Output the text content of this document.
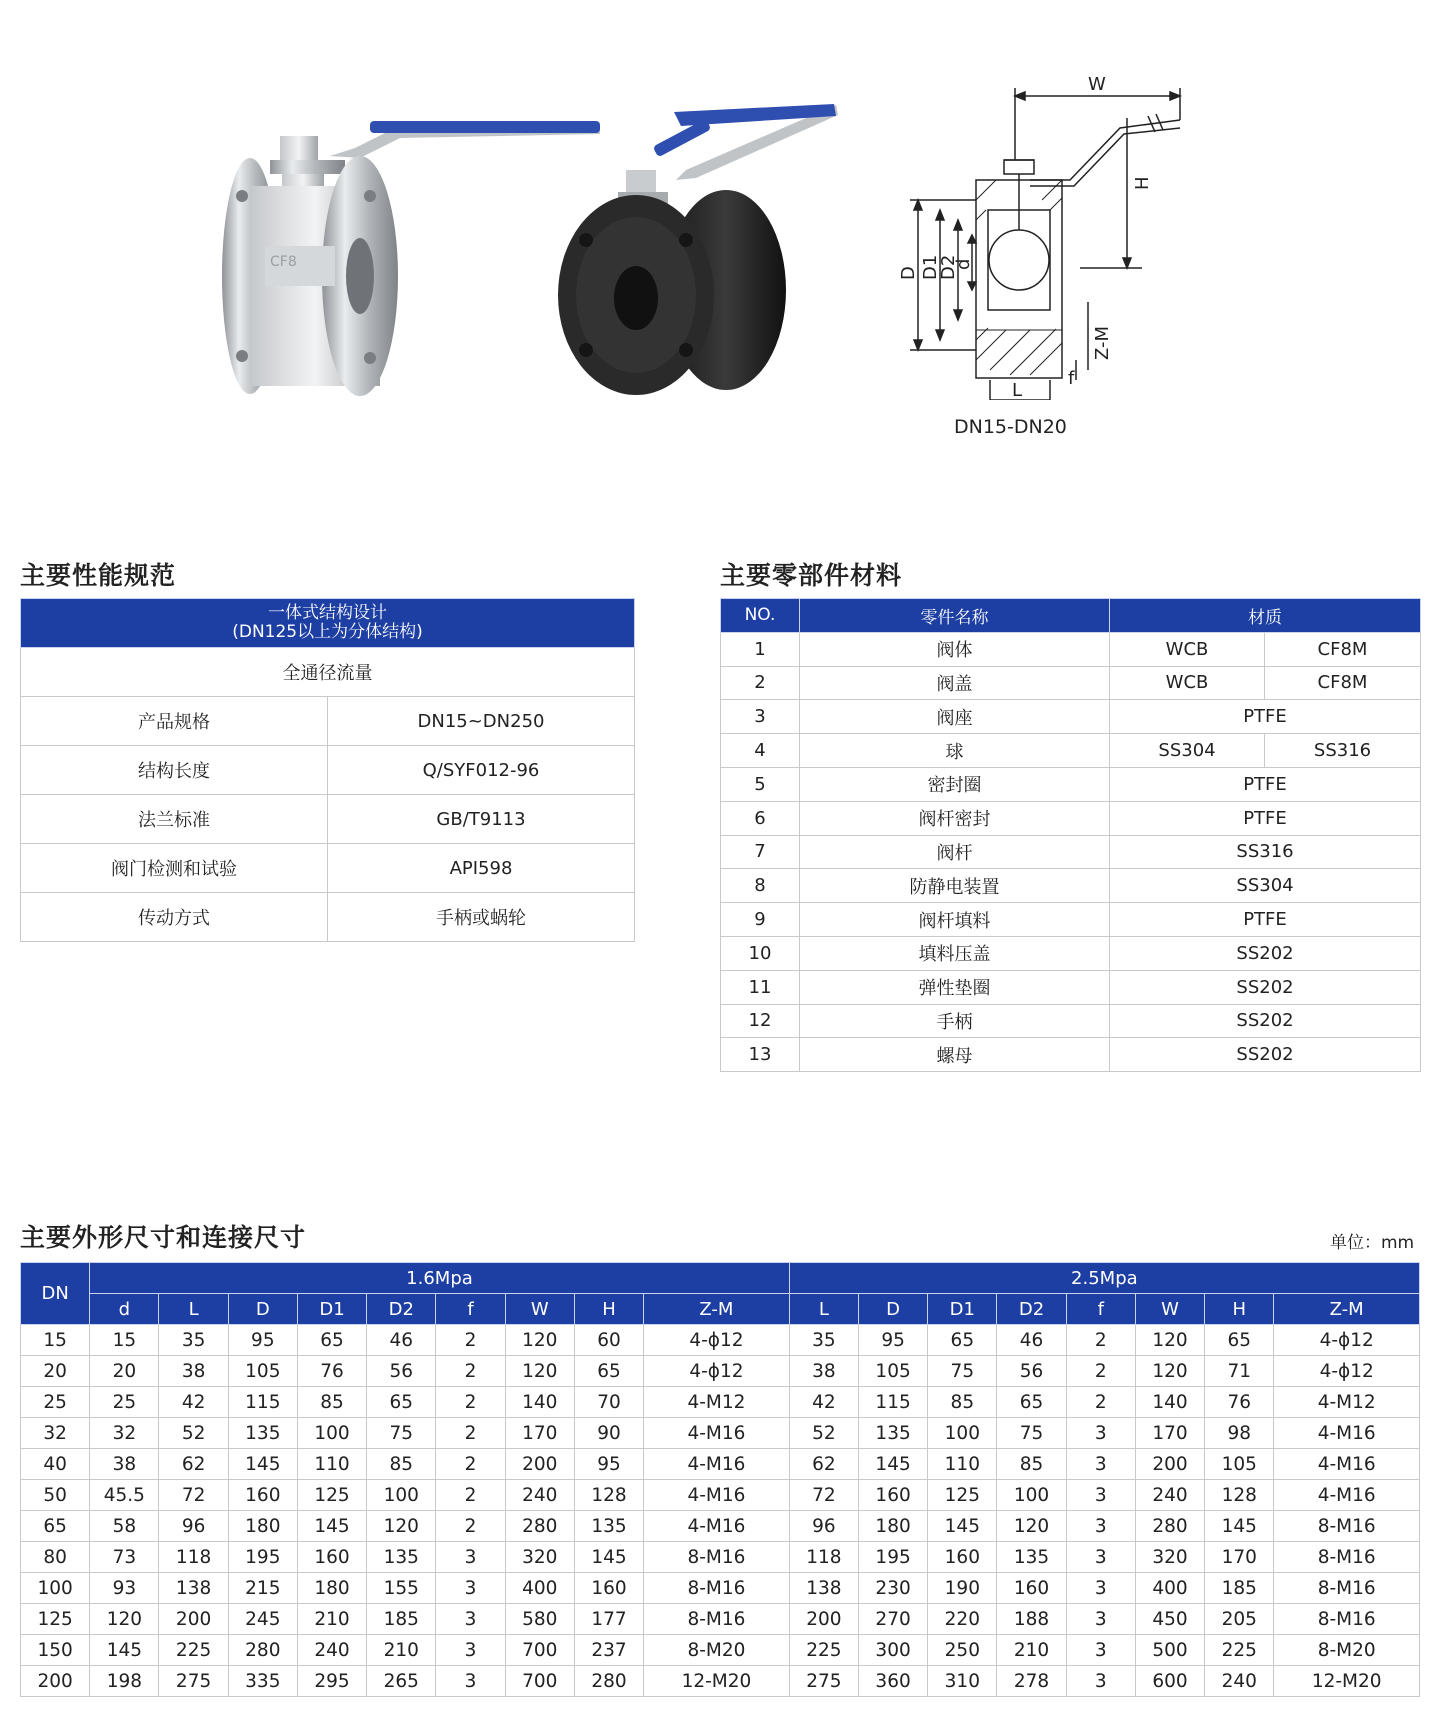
CF8
W
H
D D1
D2
d
Z-M
f
L
DN15-DN20
主要性能规范
一体式结构设计
(DN125以上为分体结构)	

全通径流量	
产品规格	DN15~DN250
结构长度	Q/SYF012-96
法兰标准	GB/T9113
阀门检测和试验	API598
传动方式	手柄或蜗轮
主要零部件材料
NO.	零件名称	材质	
1	阀体	WCB	CF8M
2	阀盖	WCB	CF8M
3	阀座	PTFE	
4	球	SS304	SS316
5	密封圈	PTFE	
6	阀杆密封	PTFE	
7	阀杆	SS316	
8	防静电装置	SS304	
9	阀杆填料	PTFE	
10	填料压盖	SS202	
11	弹性垫圈	SS202	
12	手柄	SS202	
13	螺母	SS202	
主要外形尺寸和连接尺寸	单位：mm
DN	1.6Mpa									2.5Mpa							
	d	L	D	D1	D2	f	W	H	Z-M	L	D	D1	D2	f	W	H	Z-M
15	15	35	95	65	46	2	120	60	4-ϕ12	35	95	65	46	2	120	65	4-ϕ12
20	20	38	105	76	56	2	120	65	4-ϕ12	38	105	75	56	2	120	71	4-ϕ12
25	25	42	115	85	65	2	140	70	4-M12	42	115	85	65	2	140	76	4-M12
32	32	52	135	100	75	2	170	90	4-M16	52	135	100	75	3	170	98	4-M16
40	38	62	145	110	85	2	200	95	4-M16	62	145	110	85	3	200	105	4-M16
50	45.5	72	160	125	100	2	240	128	4-M16	72	160	125	100	3	240	128	4-M16
65	58	96	180	145	120	2	280	135	4-M16	96	180	145	120	3	280	145	8-M16
80	73	118	195	160	135	3	320	145	8-M16	118	195	160	135	3	320	170	8-M16
100	93	138	215	180	155	3	400	160	8-M16	138	230	190	160	3	400	185	8-M16
125	120	200	245	210	185	3	580	177	8-M16	200	270	220	188	3	450	205	8-M16
150	145	225	280	240	210	3	700	237	8-M20	225	300	250	210	3	500	225	8-M20
200	198	275	335	295	265	3	700	280	12-M20	275	360	310	278	3	600	240	12-M20
